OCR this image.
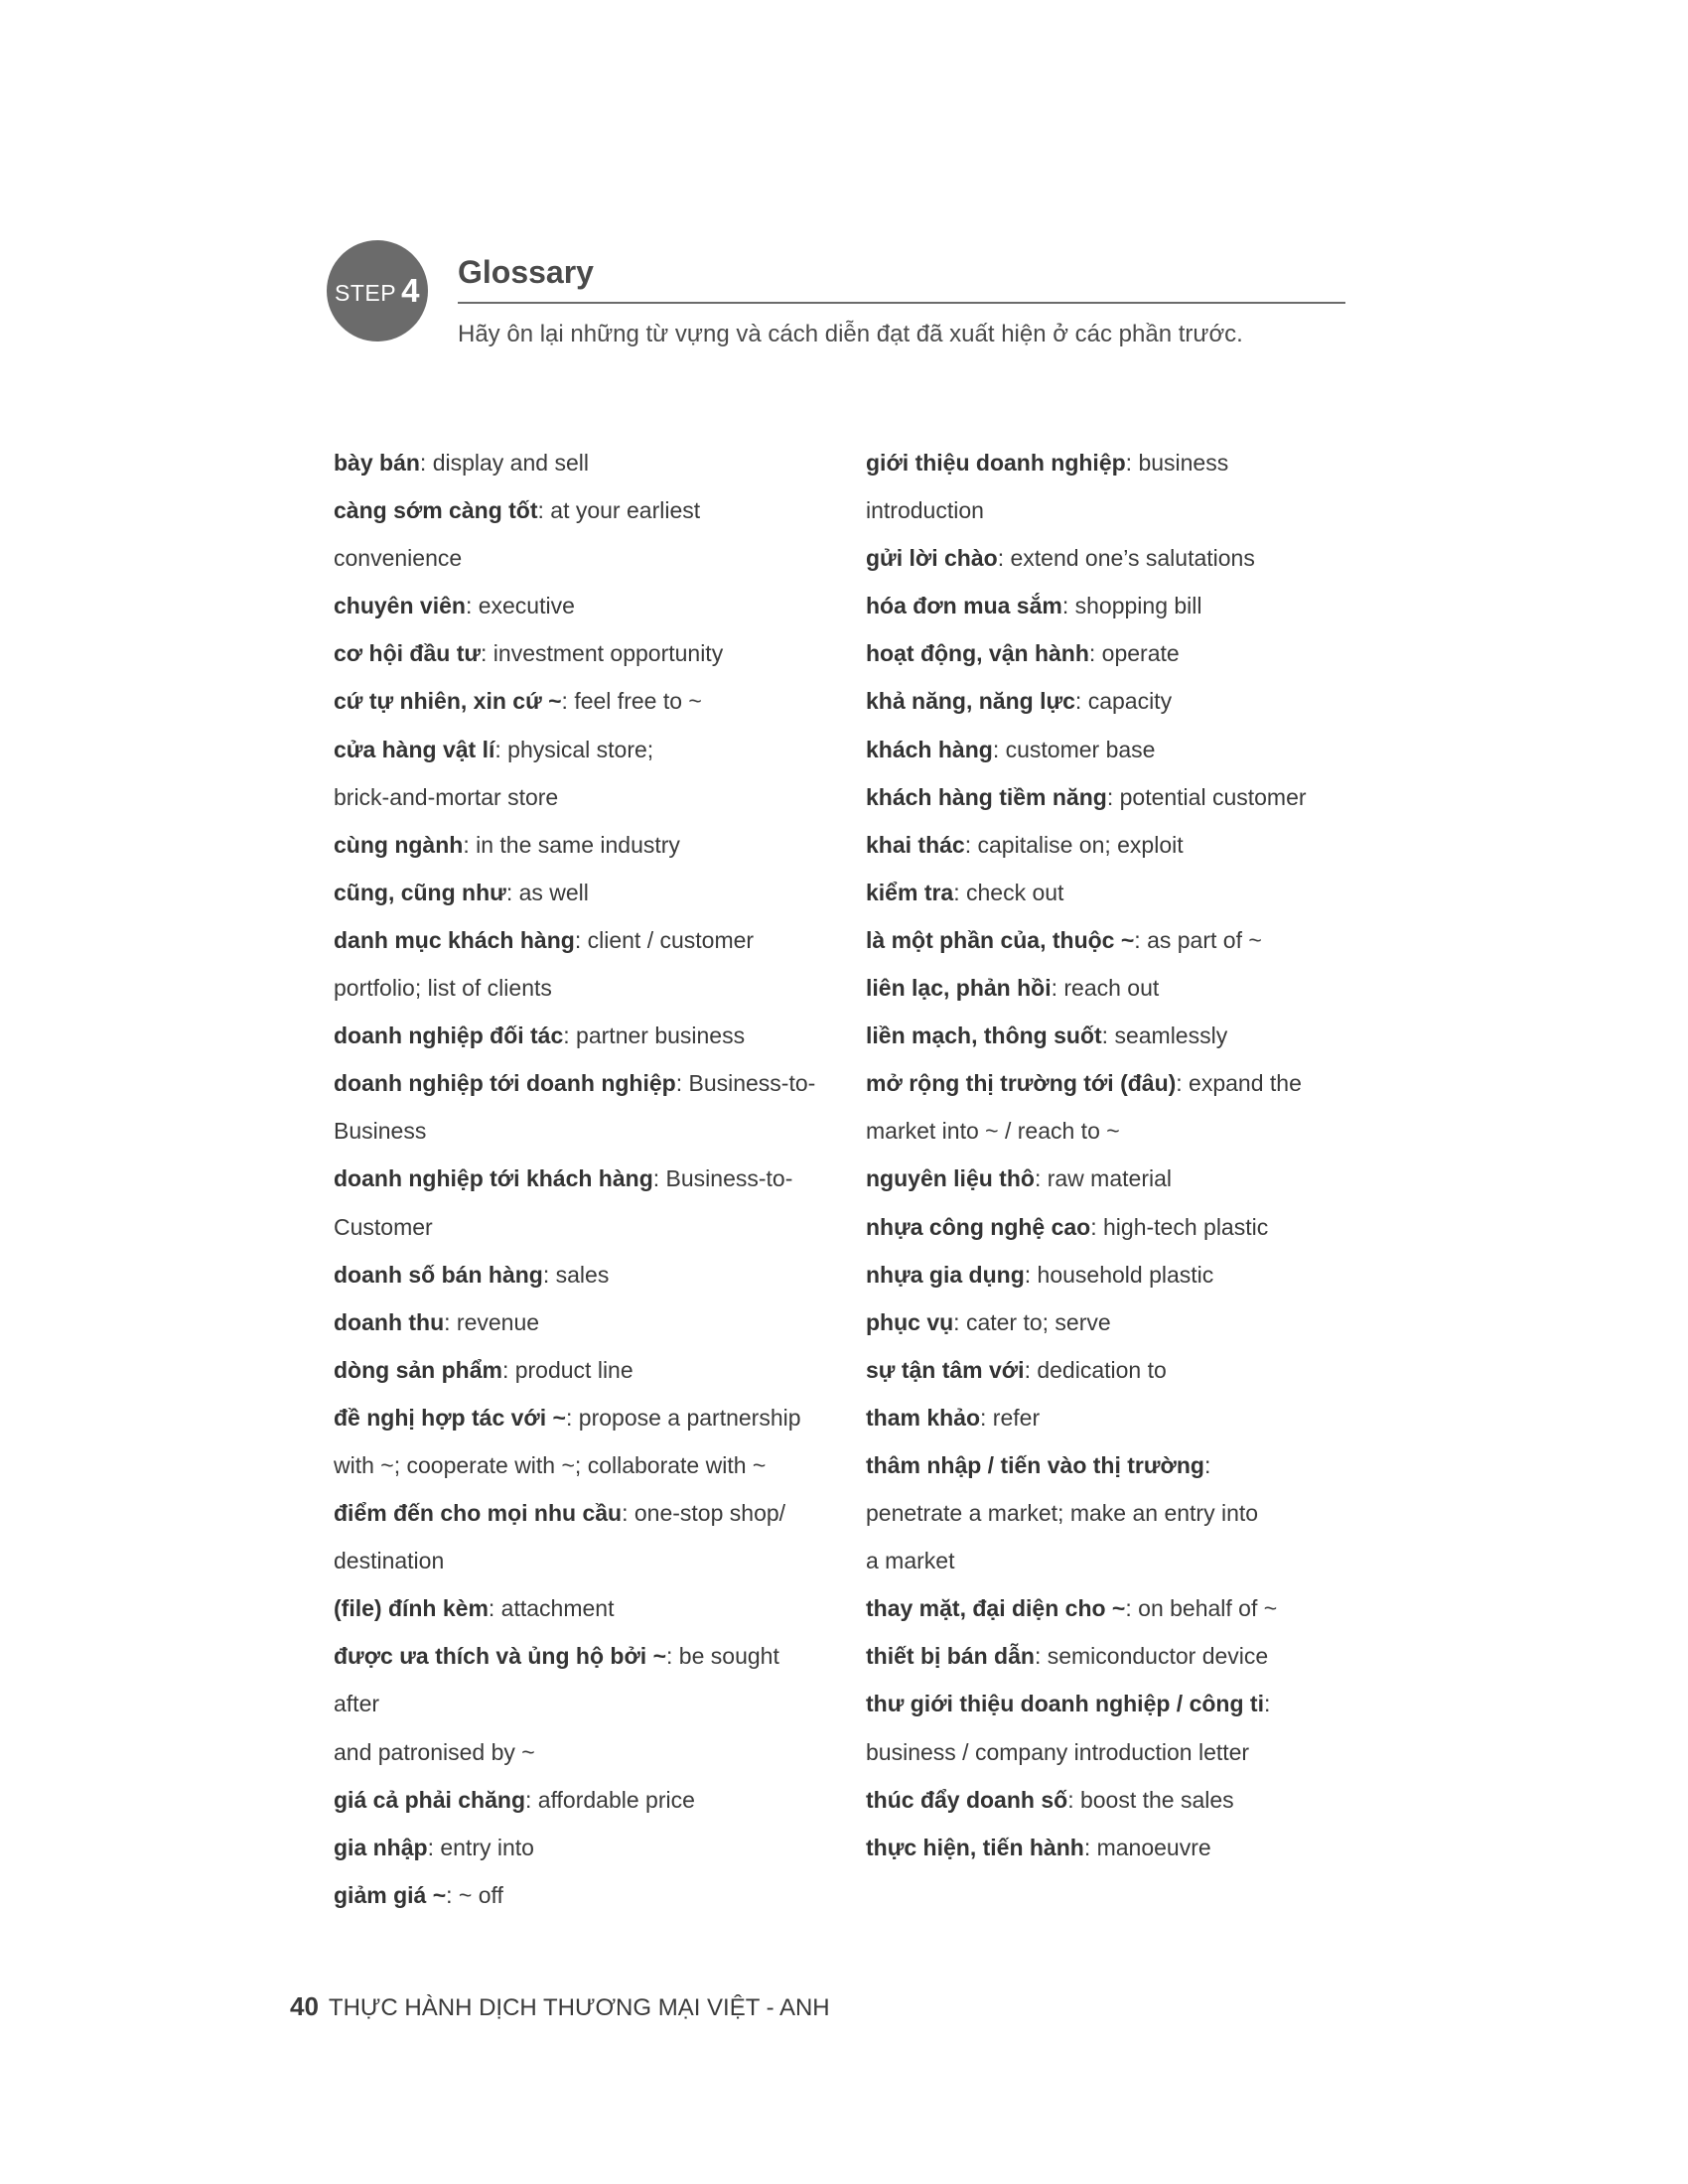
STEP 4 Glossary
Hãy ôn lại những từ vựng và cách diễn đạt đã xuất hiện ở các phần trước.
bày bán: display and sell
càng sớm càng tốt: at your earliest
convenience
chuyên viên: executive
cơ hội đầu tư: investment opportunity
cứ tự nhiên, xin cứ ~: feel free to ~
cửa hàng vật lí: physical store;
brick-and-mortar store
cùng ngành: in the same industry
cũng, cũng như: as well
danh mục khách hàng: client / customer
portfolio; list of clients
doanh nghiệp đối tác: partner business
doanh nghiệp tới doanh nghiệp: Business-to-
Business
doanh nghiệp tới khách hàng: Business-to-
Customer
doanh số bán hàng: sales
doanh thu: revenue
dòng sản phẩm: product line
đề nghị hợp tác với ~: propose a partnership
with ~; cooperate with ~; collaborate with ~
điểm đến cho mọi nhu cầu: one-stop shop/
destination
(file) đính kèm: attachment
được ưa thích và ủng hộ bởi ~: be sought after
and patronised by ~
giá cả phải chăng: affordable price
gia nhập: entry into
giảm giá ~: ~ off
giới thiệu doanh nghiệp: business
introduction
gửi lời chào: extend one’s salutations
hóa đơn mua sắm: shopping bill
hoạt động, vận hành: operate
khả năng, năng lực: capacity
khách hàng: customer base
khách hàng tiềm năng: potential customer
khai thác: capitalise on; exploit
kiểm tra: check out
là một phần của, thuộc ~: as part of ~
liên lạc, phản hồi: reach out
liền mạch, thông suốt: seamlessly
mở rộng thị trường tới (đâu): expand the
market into ~ / reach to ~
nguyên liệu thô: raw material
nhựa công nghệ cao: high-tech plastic
nhựa gia dụng: household plastic
phục vụ: cater to; serve
sự tận tâm với: dedication to
tham khảo: refer
thâm nhập / tiến vào thị trường:
penetrate a market; make an entry into
a market
thay mặt, đại diện cho ~: on behalf of ~
thiết bị bán dẫn: semiconductor device
thư giới thiệu doanh nghiệp / công ti:
business / company introduction letter
thúc đẩy doanh số: boost the sales
thực hiện, tiến hành: manoeuvre
40 THỰC HÀNH DỊCH THƯƠNG MẠI VIỆT - ANH
